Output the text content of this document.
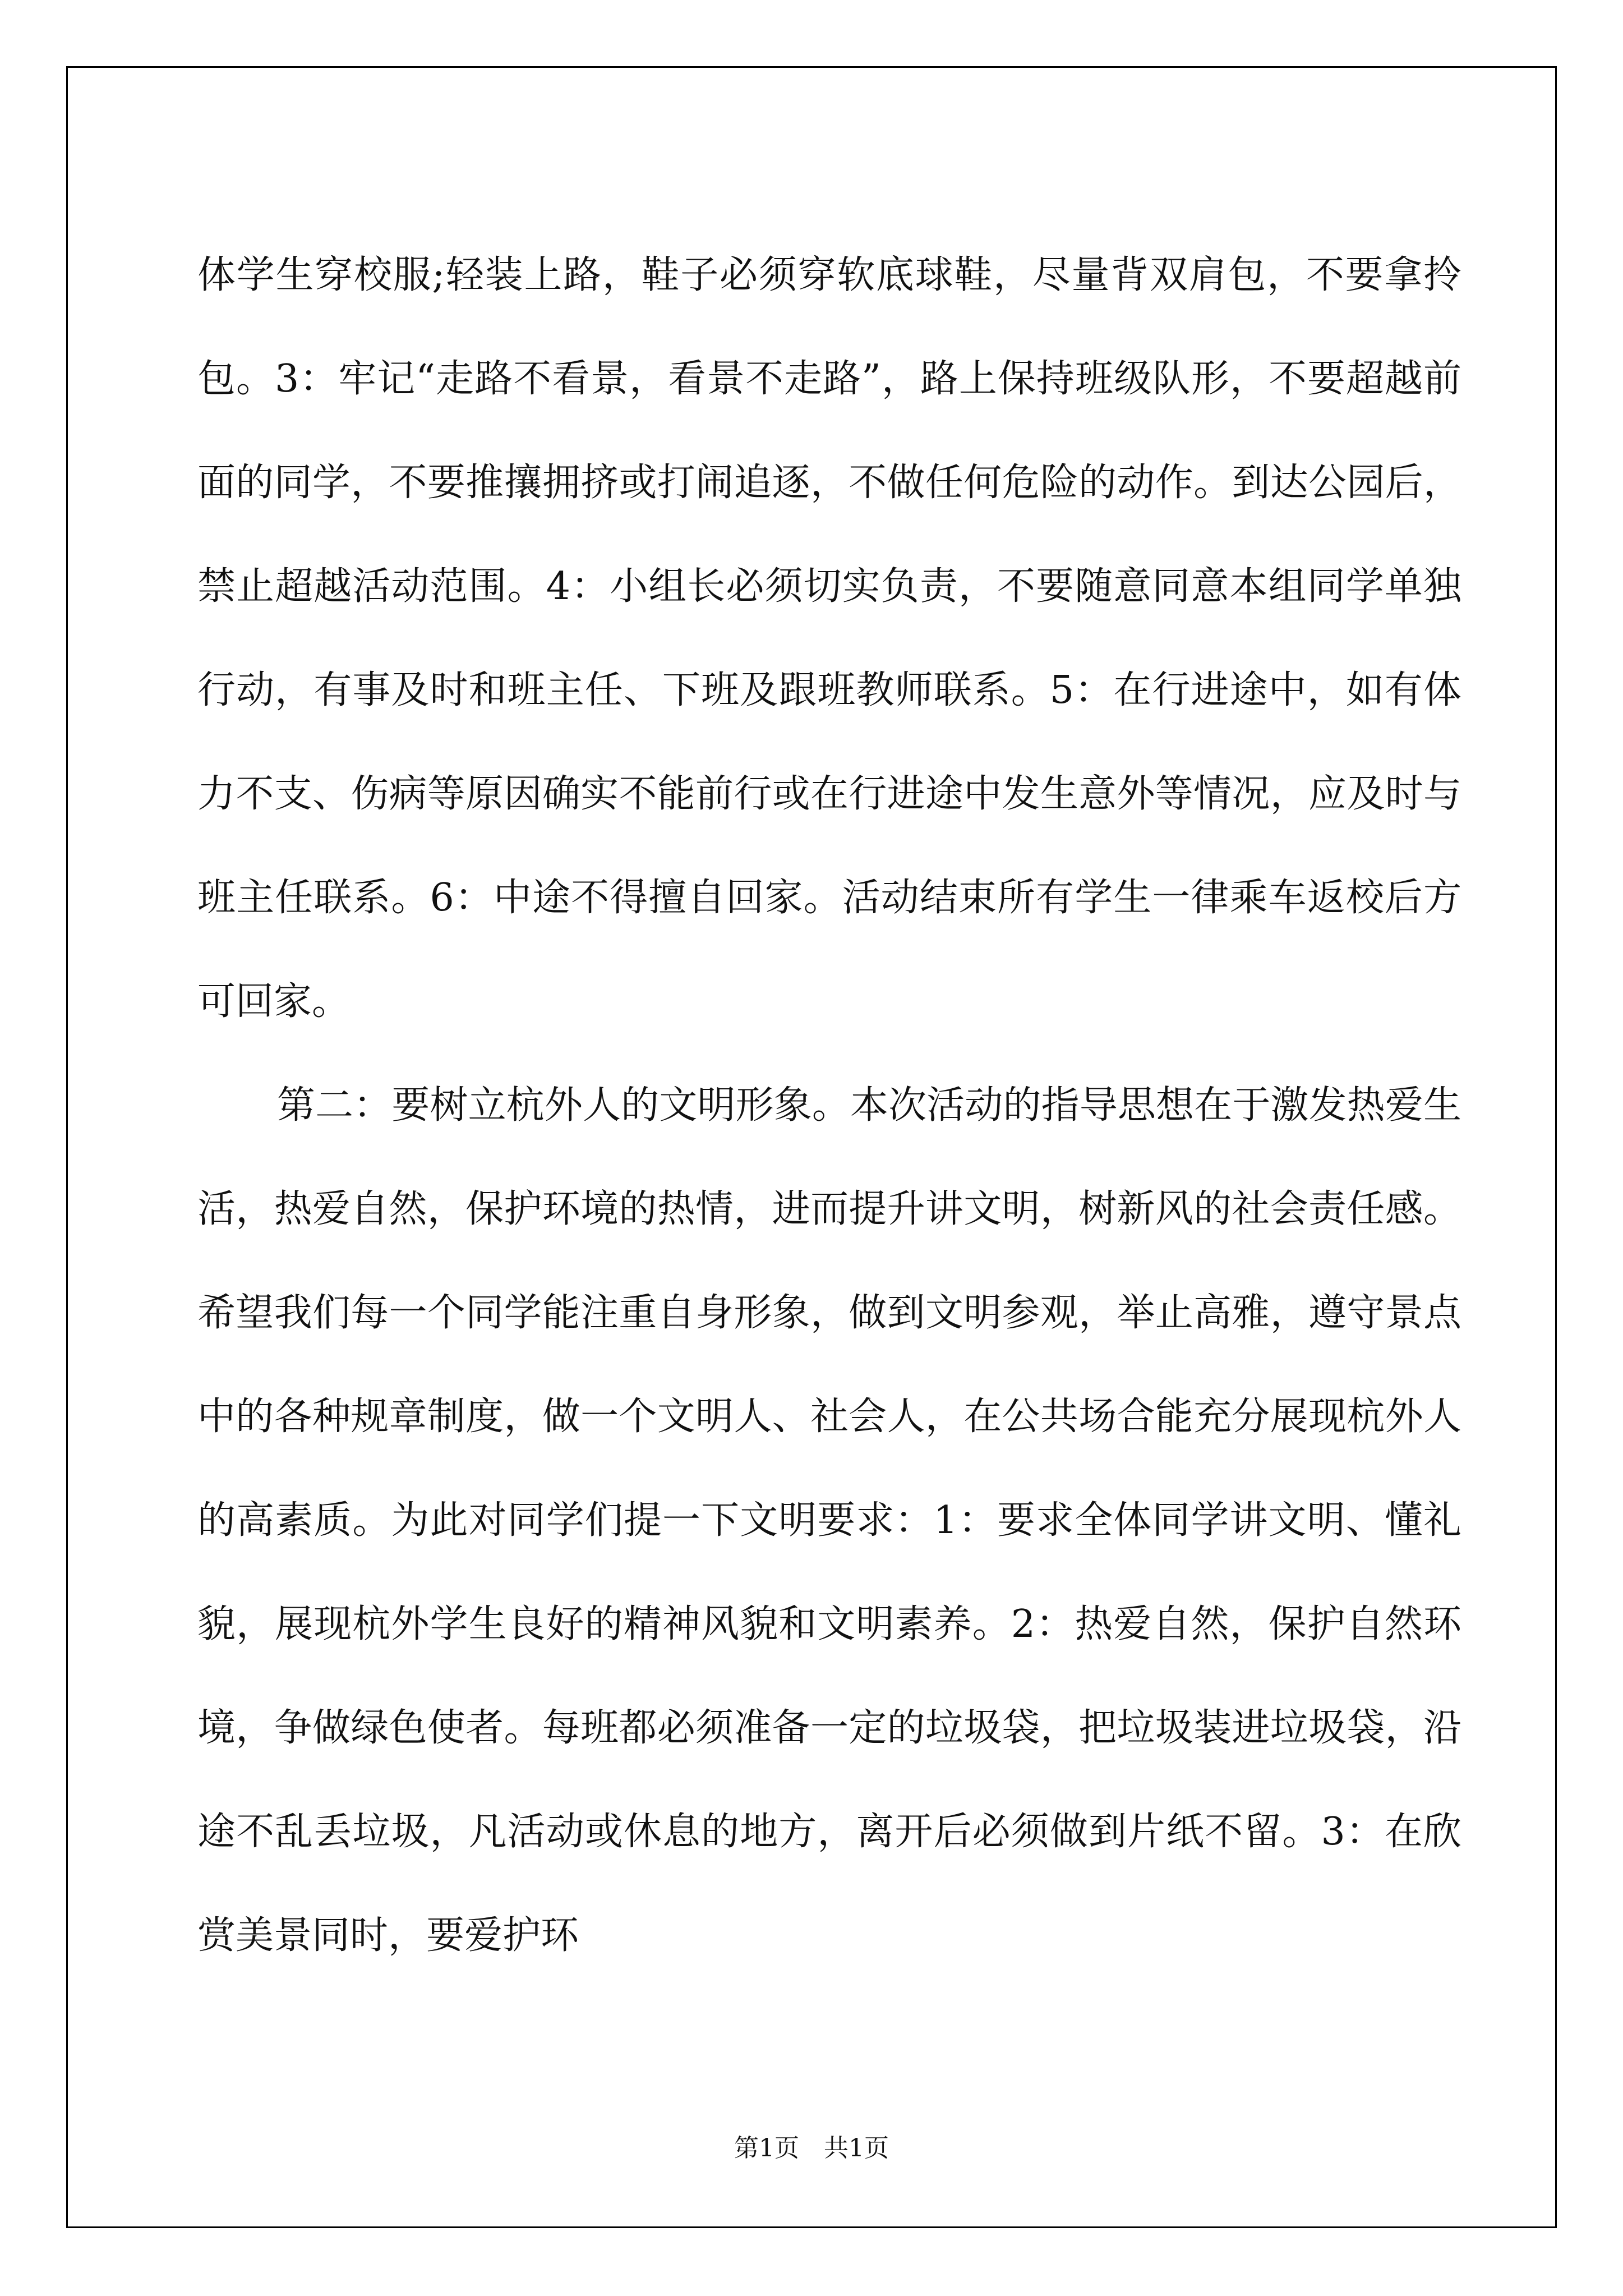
体学生穿校服;轻装上路，鞋子必须穿软底球鞋，尽量背双肩包，不要拿拎包。3：牢记“走路不看景，看景不走路”，路上保持班级队形，不要超越前面的同学，不要推攘拥挤或打闹追逐，不做任何危险的动作。到达公园后，禁止超越活动范围。4：小组长必须切实负责，不要随意同意本组同学单独行动，有事及时和班主任、下班及跟班教师联系。5：在行进途中，如有体力不支、伤病等原因确实不能前行或在行进途中发生意外等情况，应及时与班主任联系。6：中途不得擅自回家。活动结束所有学生一律乘车返校后方可回家。

第二：要树立杭外人的文明形象。本次活动的指导思想在于激发热爱生活，热爱自然，保护环境的热情，进而提升讲文明，树新风的社会责任感。希望我们每一个同学能注重自身形象，做到文明参观，举止高雅，遵守景点中的各种规章制度，做一个文明人、社会人，在公共场合能充分展现杭外人的高素质。为此对同学们提一下文明要求：1：要求全体同学讲文明、懂礼貌，展现杭外学生良好的精神风貌和文明素养。2：热爱自然，保护自然环境，争做绿色使者。每班都必须准备一定的垃圾袋，把垃圾装进垃圾袋，沿途不乱丢垃圾，凡活动或休息的地方，离开后必须做到片纸不留。3：在欣赏美景同时，要爱护环

第1页 共1页
